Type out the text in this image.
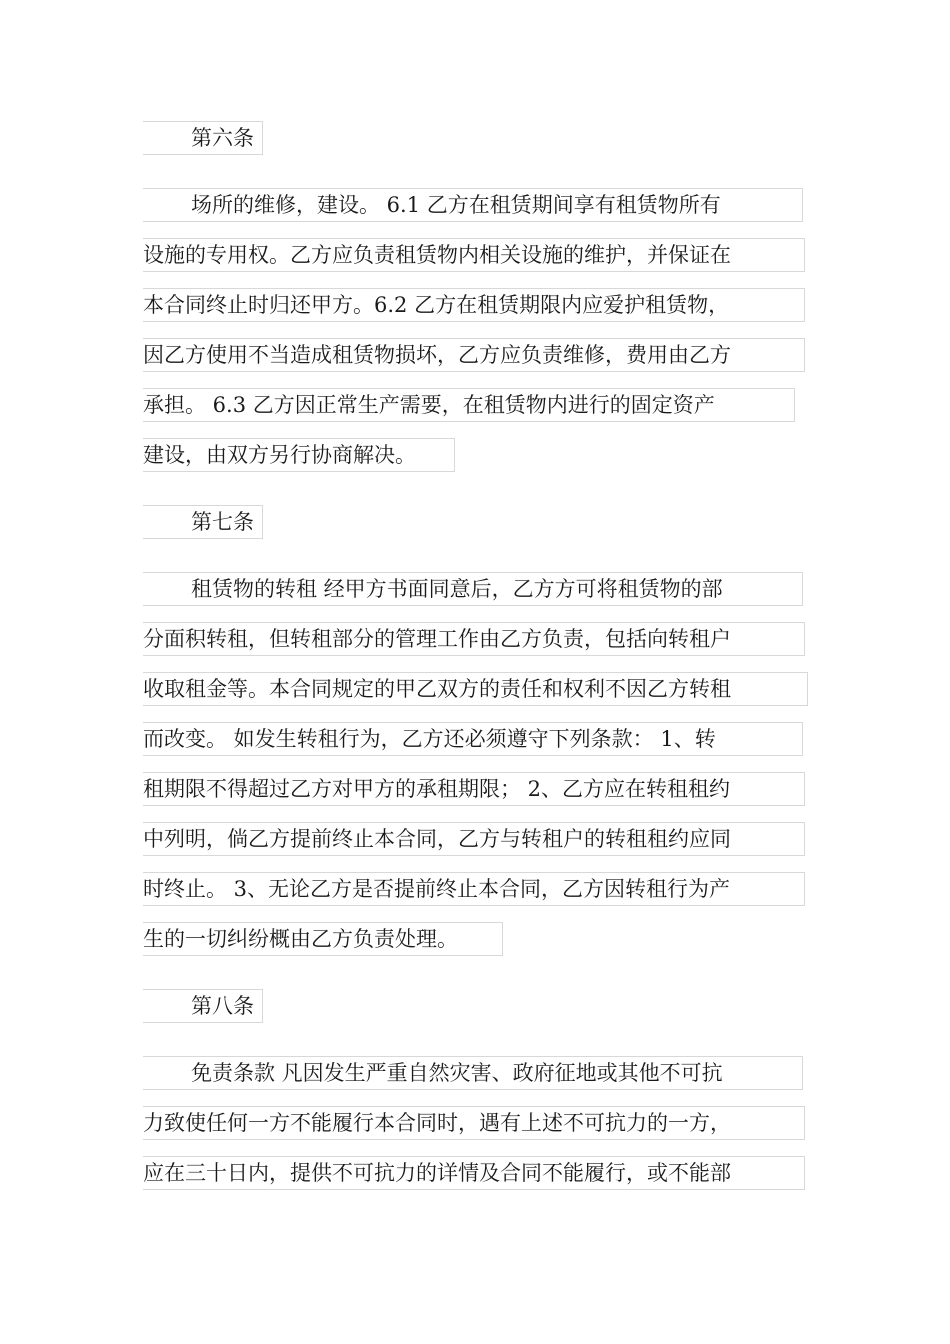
第六条
场所的维修，建设。 6.1 乙方在租赁期间享有租赁物所有
设施的专用权。乙方应负责租赁物内相关设施的维护，并保证在
本合同终止时归还甲方。6.2 乙方在租赁期限内应爱护租赁物，
因乙方使用不当造成租赁物损坏，乙方应负责维修，费用由乙方
承担。 6.3 乙方因正常生产需要，在租赁物内进行的固定资产
建设，由双方另行协商解决。
第七条
租赁物的转租 经甲方书面同意后，乙方方可将租赁物的部
分面积转租，但转租部分的管理工作由乙方负责，包括向转租户
收取租金等。本合同规定的甲乙双方的责任和权利不因乙方转租
而改变。 如发生转租行为，乙方还必须遵守下列条款： 1、转
租期限不得超过乙方对甲方的承租期限； 2、乙方应在转租租约
中列明，倘乙方提前终止本合同，乙方与转租户的转租租约应同
时终止。 3、无论乙方是否提前终止本合同，乙方因转租行为产
生的一切纠纷概由乙方负责处理。
第八条
免责条款 凡因发生严重自然灾害、政府征地或其他不可抗
力致使任何一方不能履行本合同时，遇有上述不可抗力的一方，
应在三十日内，提供不可抗力的详情及合同不能履行，或不能部
